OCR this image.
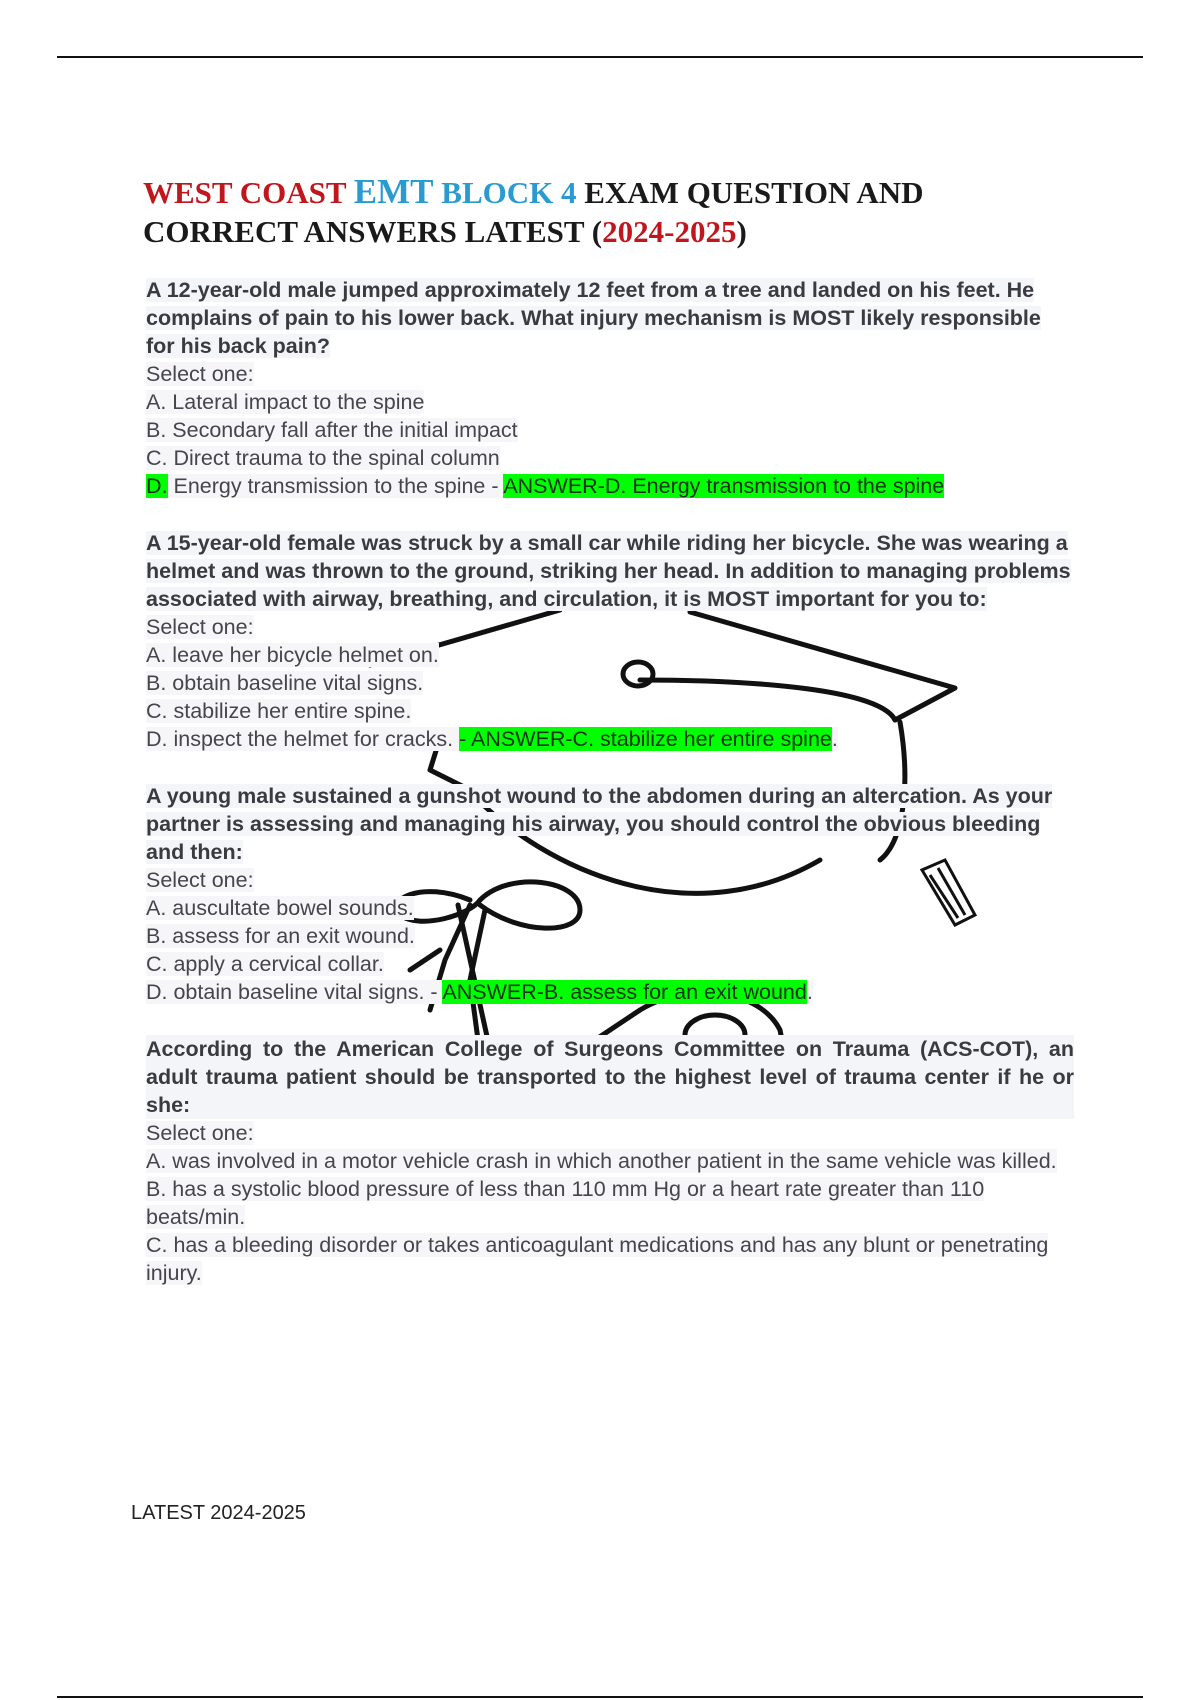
WEST COAST EMT BLOCK 4 EXAM QUESTION AND
CORRECT ANSWERS LATEST (2024-2025)
A 12-year-old male jumped approximately 12 feet from a tree and landed on his feet. He complains of pain to his lower back. What injury mechanism is MOST likely responsible for his back pain?
Select one:
A. Lateral impact to the spine
B. Secondary fall after the initial impact
C. Direct trauma to the spinal column
D. Energy transmission to the spine - ANSWER-D. Energy transmission to the spine
A 15-year-old female was struck by a small car while riding her bicycle. She was wearing a helmet and was thrown to the ground, striking her head. In addition to managing problems associated with airway, breathing, and circulation, it is MOST important for you to:
Select one:
A. leave her bicycle helmet on.
B. obtain baseline vital signs.
C. stabilize her entire spine.
D. inspect the helmet for cracks. - ANSWER-C. stabilize her entire spine.
A young male sustained a gunshot wound to the abdomen during an altercation. As your partner is assessing and managing his airway, you should control the obvious bleeding and then:
Select one:
A. auscultate bowel sounds.
B. assess for an exit wound.
C. apply a cervical collar.
D. obtain baseline vital signs. - ANSWER-B. assess for an exit wound.
According to the American College of Surgeons Committee on Trauma (ACS-COT), an adult trauma patient should be transported to the highest level of trauma center if he or she:
Select one:
A. was involved in a motor vehicle crash in which another patient in the same vehicle was killed.
B. has a systolic blood pressure of less than 110 mm Hg or a heart rate greater than 110 beats/min.
C. has a bleeding disorder or takes anticoagulant medications and has any blunt or penetrating injury.
LATEST 2024-2025
